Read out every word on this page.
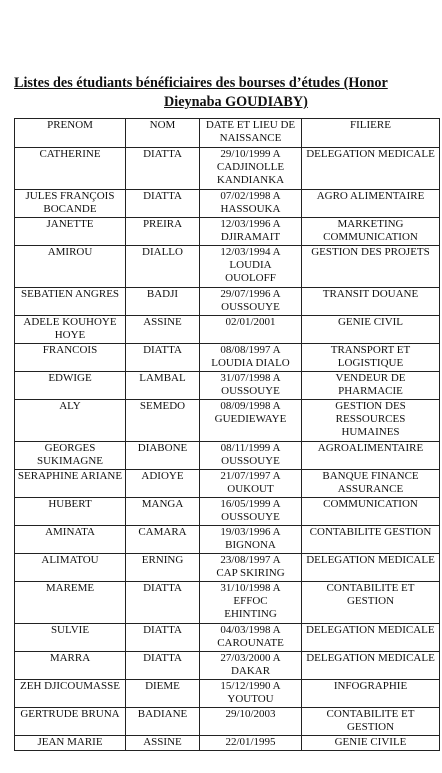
Listes des étudiants bénéficiaires des bourses d’études (Honor
Dieynaba GOUDIABY)
PRENOM	NOM	DATE ET LIEU DE NAISSANCE	FILIERE
CATHERINE	DIATTA	29/10/1999 A CADJINOLLE KANDIANKA	DELEGATION MEDICALE
JULES FRANÇOIS BOCANDE	DIATTA	07/02/1998 A HASSOUKA	AGRO ALIMENTAIRE
JANETTE	PREIRA	12/03/1996 A DJIRAMAIT	MARKETING COMMUNICATION
AMIROU	DIALLO	12/03/1994 A LOUDIA OUOLOFF	GESTION DES PROJETS
SEBATIEN ANGRES	BADJI	29/07/1996 A OUSSOUYE	TRANSIT DOUANE
ADELE KOUHOYE HOYE	ASSINE	02/01/2001	GENIE CIVIL
FRANCOIS	DIATTA	08/08/1997 A LOUDIA DIALO	TRANSPORT ET LOGISTIQUE
EDWIGE	LAMBAL	31/07/1998 A OUSSOUYE	VENDEUR DE PHARMACIE
ALY	SEMEDO	08/09/1998 A GUEDIEWAYE	GESTION DES RESSOURCES HUMAINES
GEORGES SUKIMAGNE	DIABONE	08/11/1999 A OUSSOUYE	AGROALIMENTAIRE
SERAPHINE ARIANE	ADIOYE	21/07/1997 A OUKOUT	BANQUE FINANCE ASSURANCE
HUBERT	MANGA	16/05/1999 A OUSSOUYE	COMMUNICATION
AMINATA	CAMARA	19/03/1996 A BIGNONA	CONTABILITE GESTION
ALIMATOU	ERNING	23/08/1997 A CAP SKIRING	DELEGATION MEDICALE
MAREME	DIATTA	31/10/1998 A EFFOC EHINTING	CONTABILITE ET GESTION
SULVIE	DIATTA	04/03/1998 A CAROUNATE	DELEGATION MEDICALE
MARRA	DIATTA	27/03/2000 A DAKAR	DELEGATION MEDICALE
ZEH DJICOUMASSE	DIEME	15/12/1990 A YOUTOU	INFOGRAPHIE
GERTRUDE BRUNA	BADIANE	29/10/2003	CONTABILITE ET GESTION
JEAN MARIE	ASSINE	22/01/1995	GENIE CIVILE
